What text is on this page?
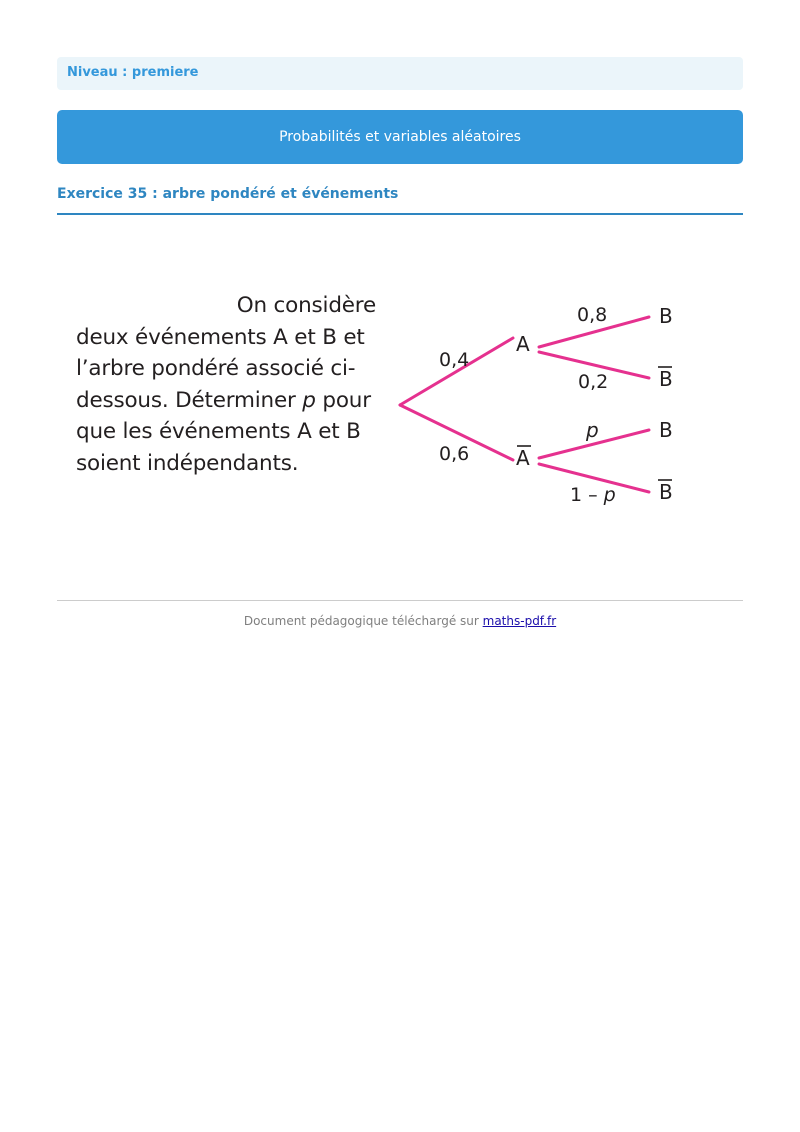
Niveau : premiere
Probabilités et variables aléatoires
Exercice 35 : arbre pondéré et événements
On considère
deux événements A et B et l’arbre pondéré associé ci-dessous. Déterminer p pour que les événements A et B soient indépendants.
0,4
0,6
A
A
0,8
0,2
p
1 – p
B
B
B
B
Document pédagogique téléchargé sur maths-pdf.fr
